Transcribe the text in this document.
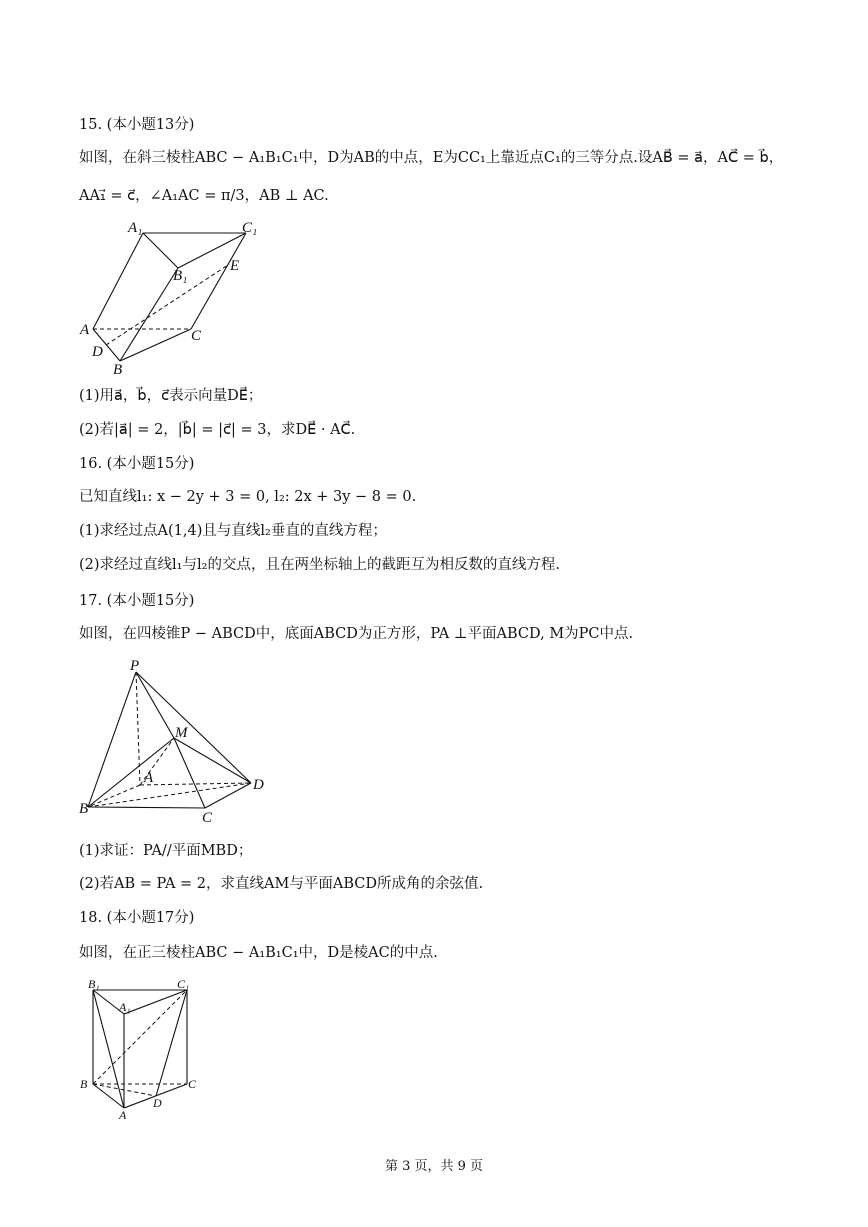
15. (本小题13分)
如图，在斜三棱柱ABC − A₁B₁C₁中，D为AB的中点，E为CC₁上靠近点C₁的三等分点.设AB⃗ = a⃗，AC⃗ = b⃗，
AA₁⃗ = c⃗，∠A₁AC = π/3，AB ⊥ AC.
A₁	C₁
B₁
E
A	C
D
B
(1)用a⃗，b⃗，c⃗表示向量DE⃗；
(2)若|a⃗| = 2，|b⃗| = |c⃗| = 3，求DE⃗ · AC⃗.
16. (本小题15分)
已知直线l₁: x − 2y + 3 = 0, l₂: 2x + 3y − 8 = 0.
(1)求经过点A(1,4)且与直线l₂垂直的直线方程；
(2)求经过直线l₁与l₂的交点，且在两坐标轴上的截距互为相反数的直线方程.
17. (本小题15分)
如图，在四棱锥P − ABCD中，底面ABCD为正方形，PA ⊥平面ABCD, M为PC中点.
P
M
A
B
C
D
(1)求证：PA//平面MBD；
(2)若AB = PA = 2，求直线AM与平面ABCD所成角的余弦值.
18. (本小题17分)
如图，在正三棱柱ABC − A₁B₁C₁中，D是棱AC的中点.
B₁	C₁
A₁
B	C
D
A
第 3 页，共 9 页
